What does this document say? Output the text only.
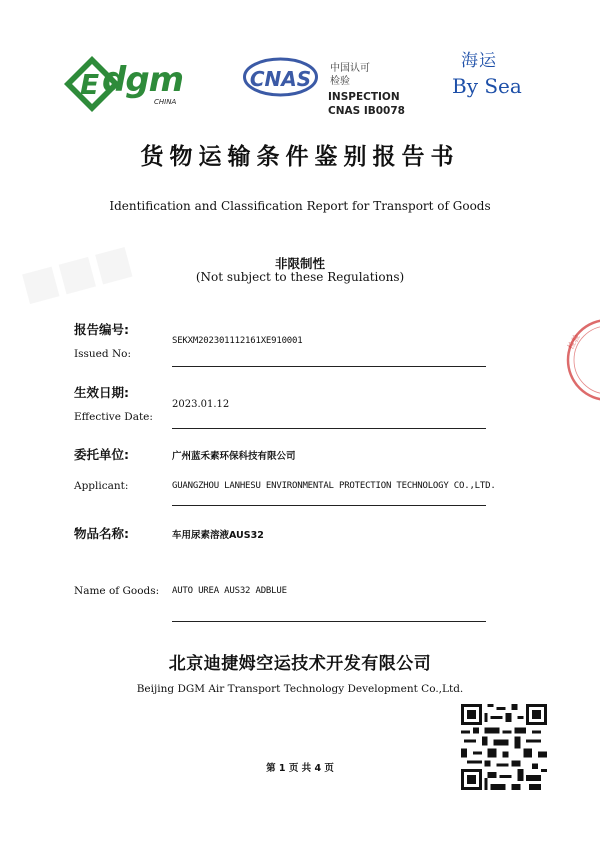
E dgm
CHINA
CNAS	中国认可
检验
INSPECTION
CNAS IB0078
海运
By Sea
货物运输条件鉴别报告书
Identification and Classification Report for Transport of Goods
非限制性
(Not subject to these Regulations)
报告编号:
Issued No:
SEKXM202301112161XE910001
生效日期:
Effective Date:
2023.01.12
委托单位:	广州蓝禾素环保科技有限公司
Applicant:	GUANGZHOU LANHESU ENVIRONMENTAL PROTECTION TECHNOLOGY CO.,LTD.
物品名称:	车用尿素溶液AUS32
Name of Goods: AUTO UREA AUS32 ADBLUE
北京迪捷姆空运技术开发有限公司
Beijing DGM Air Transport Technology Development Co.,Ltd.
第 1 页 共 4 页
检验
